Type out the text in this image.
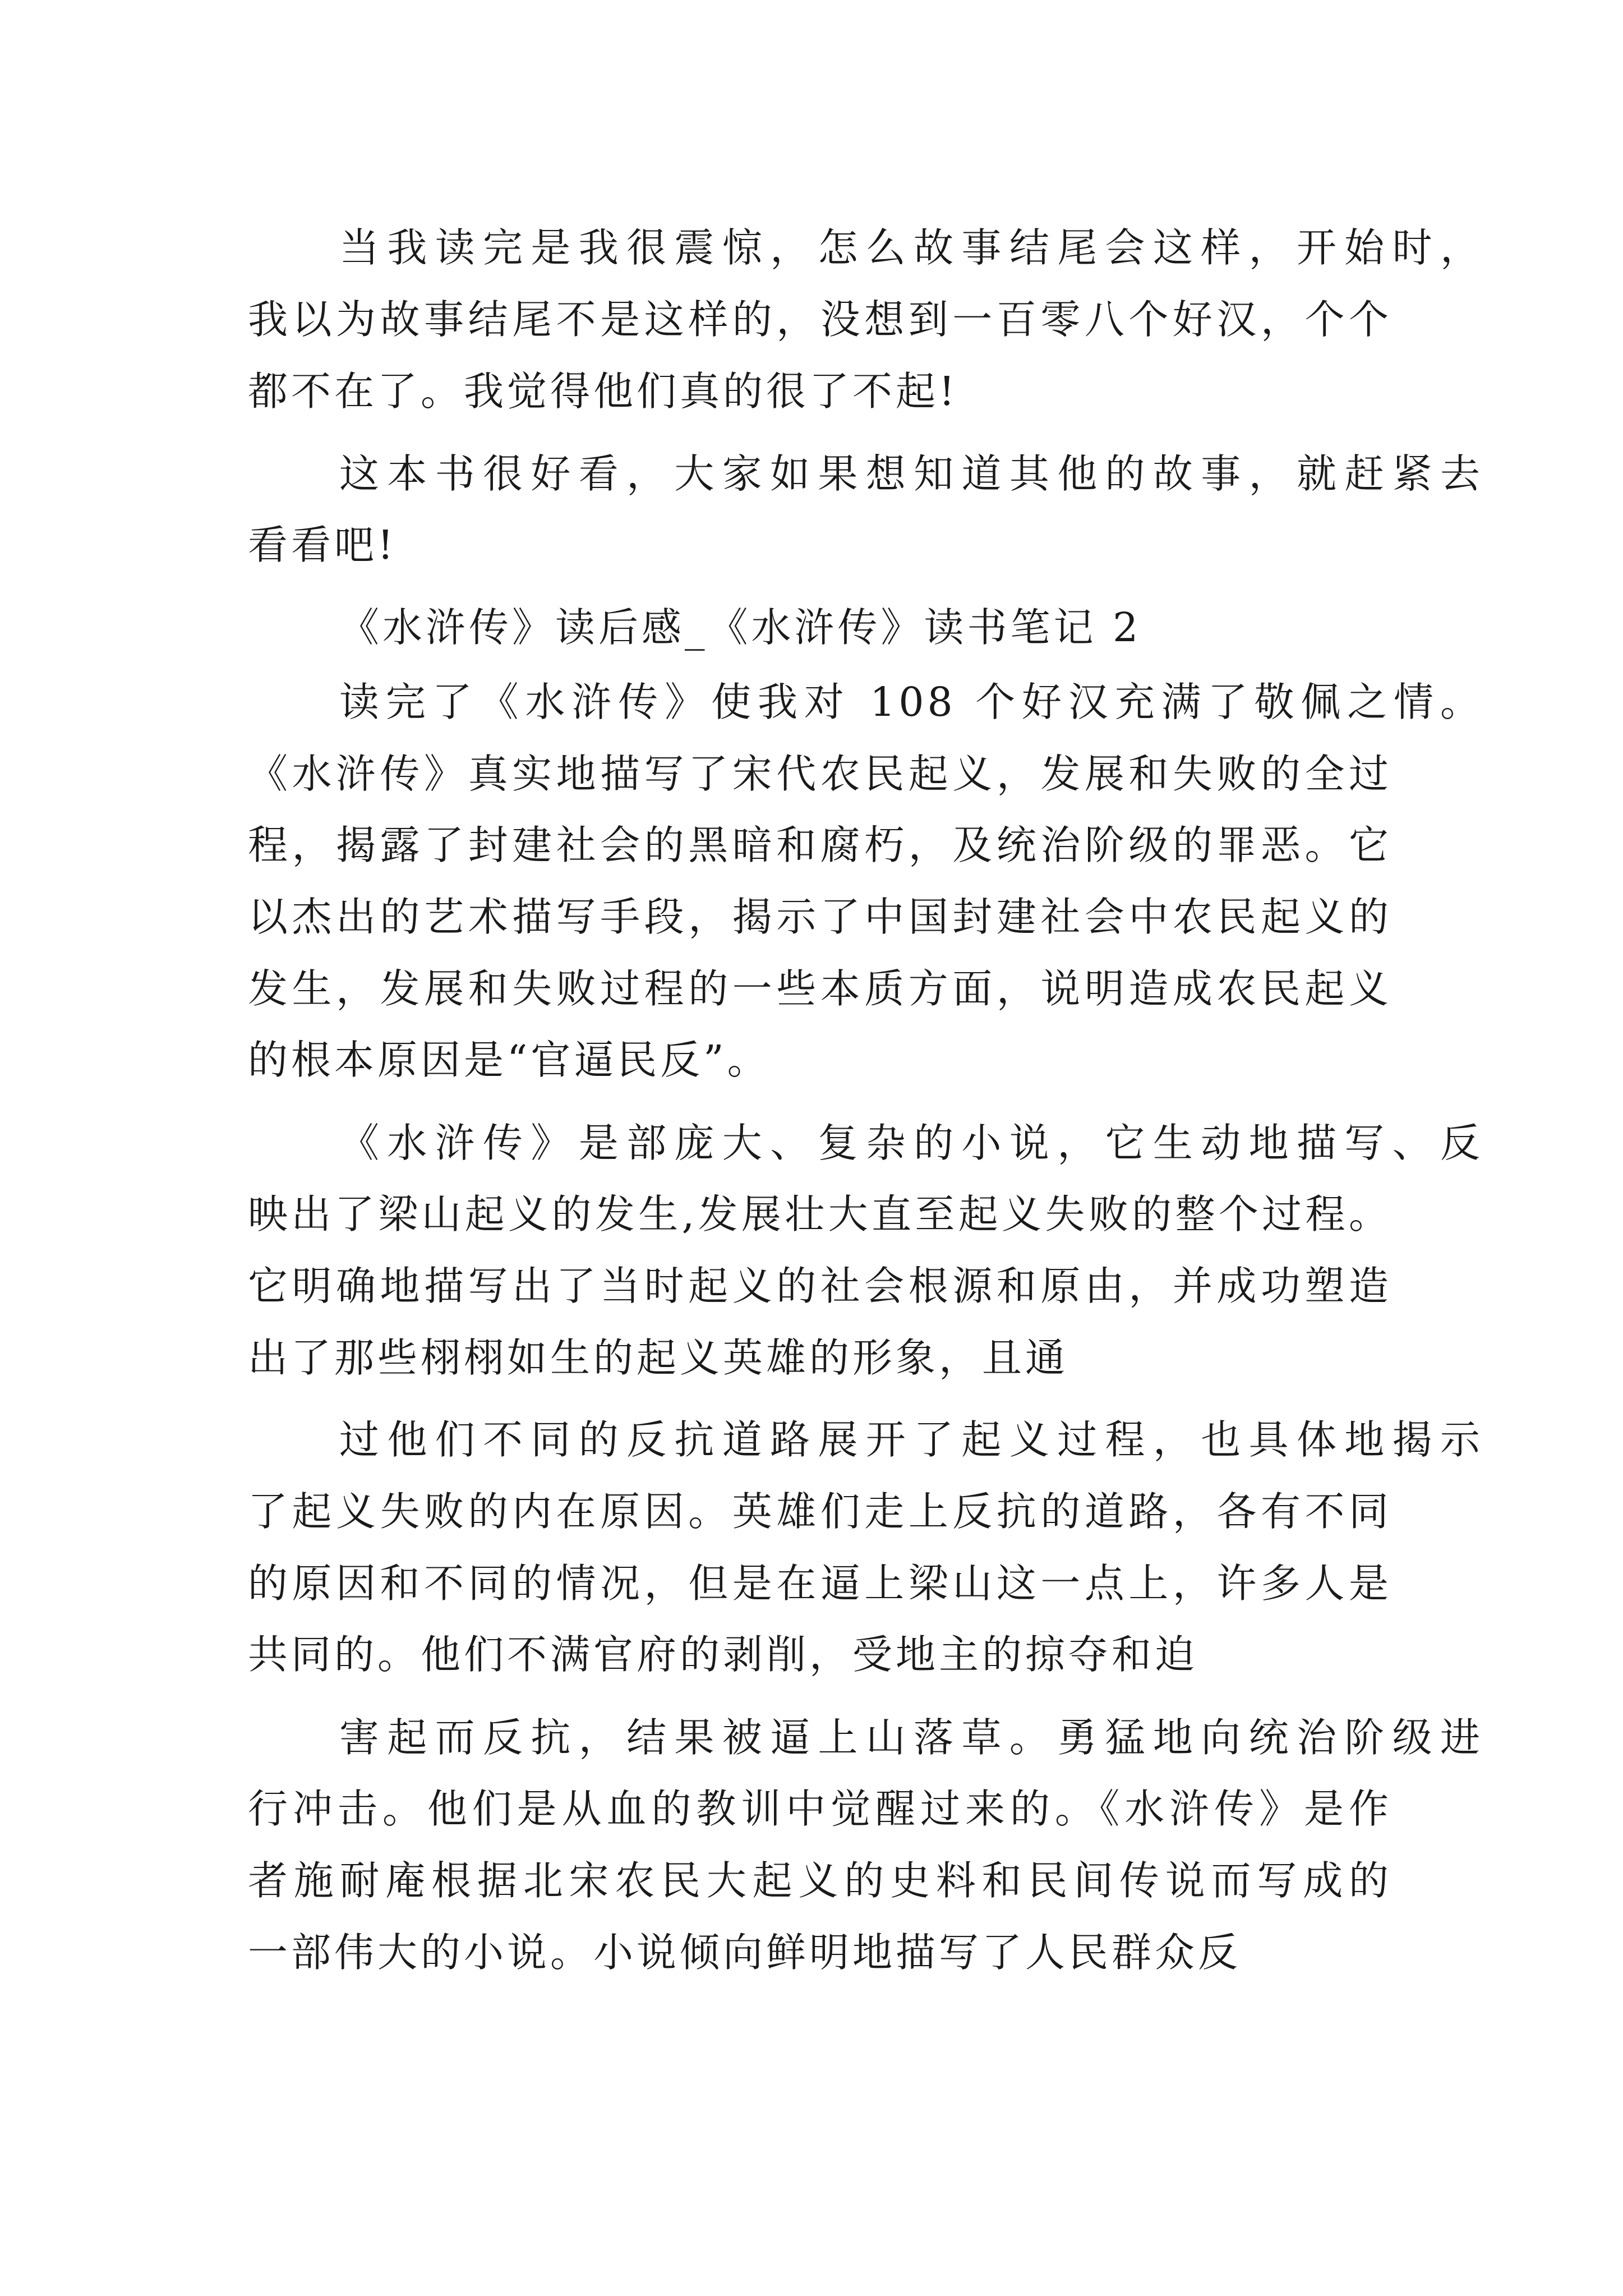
当我读完是我很震惊，怎么故事结尾会这样，开始时，

我以为故事结尾不是这样的，没想到一百零八个好汉，个个

都不在了。我觉得他们真的很了不起!

这本书很好看，大家如果想知道其他的故事，就赶紧去

看看吧!

《水浒传》读后感_《水浒传》读书笔记 2

读完了《水浒传》使我对 108 个好汉充满了敬佩之情。

《水浒传》真实地描写了宋代农民起义，发展和失败的全过

程，揭露了封建社会的黑暗和腐朽，及统治阶级的罪恶。它

以杰出的艺术描写手段，揭示了中国封建社会中农民起义的

发生，发展和失败过程的一些本质方面，说明造成农民起义

的根本原因是“官逼民反”。

《水浒传》是部庞大、复杂的小说，它生动地描写、反

映出了梁山起义的发生,发展壮大直至起义失败的整个过程。

它明确地描写出了当时起义的社会根源和原由，并成功塑造

出了那些栩栩如生的起义英雄的形象，且通

过他们不同的反抗道路展开了起义过程，也具体地揭示

了起义失败的内在原因。英雄们走上反抗的道路，各有不同

的原因和不同的情况，但是在逼上梁山这一点上，许多人是

共同的。他们不满官府的剥削，受地主的掠夺和迫

害起而反抗，结果被逼上山落草。勇猛地向统治阶级进

行冲击。他们是从血的教训中觉醒过来的。《水浒传》是作

者施耐庵根据北宋农民大起义的史料和民间传说而写成的

一部伟大的小说。小说倾向鲜明地描写了人民群众反
